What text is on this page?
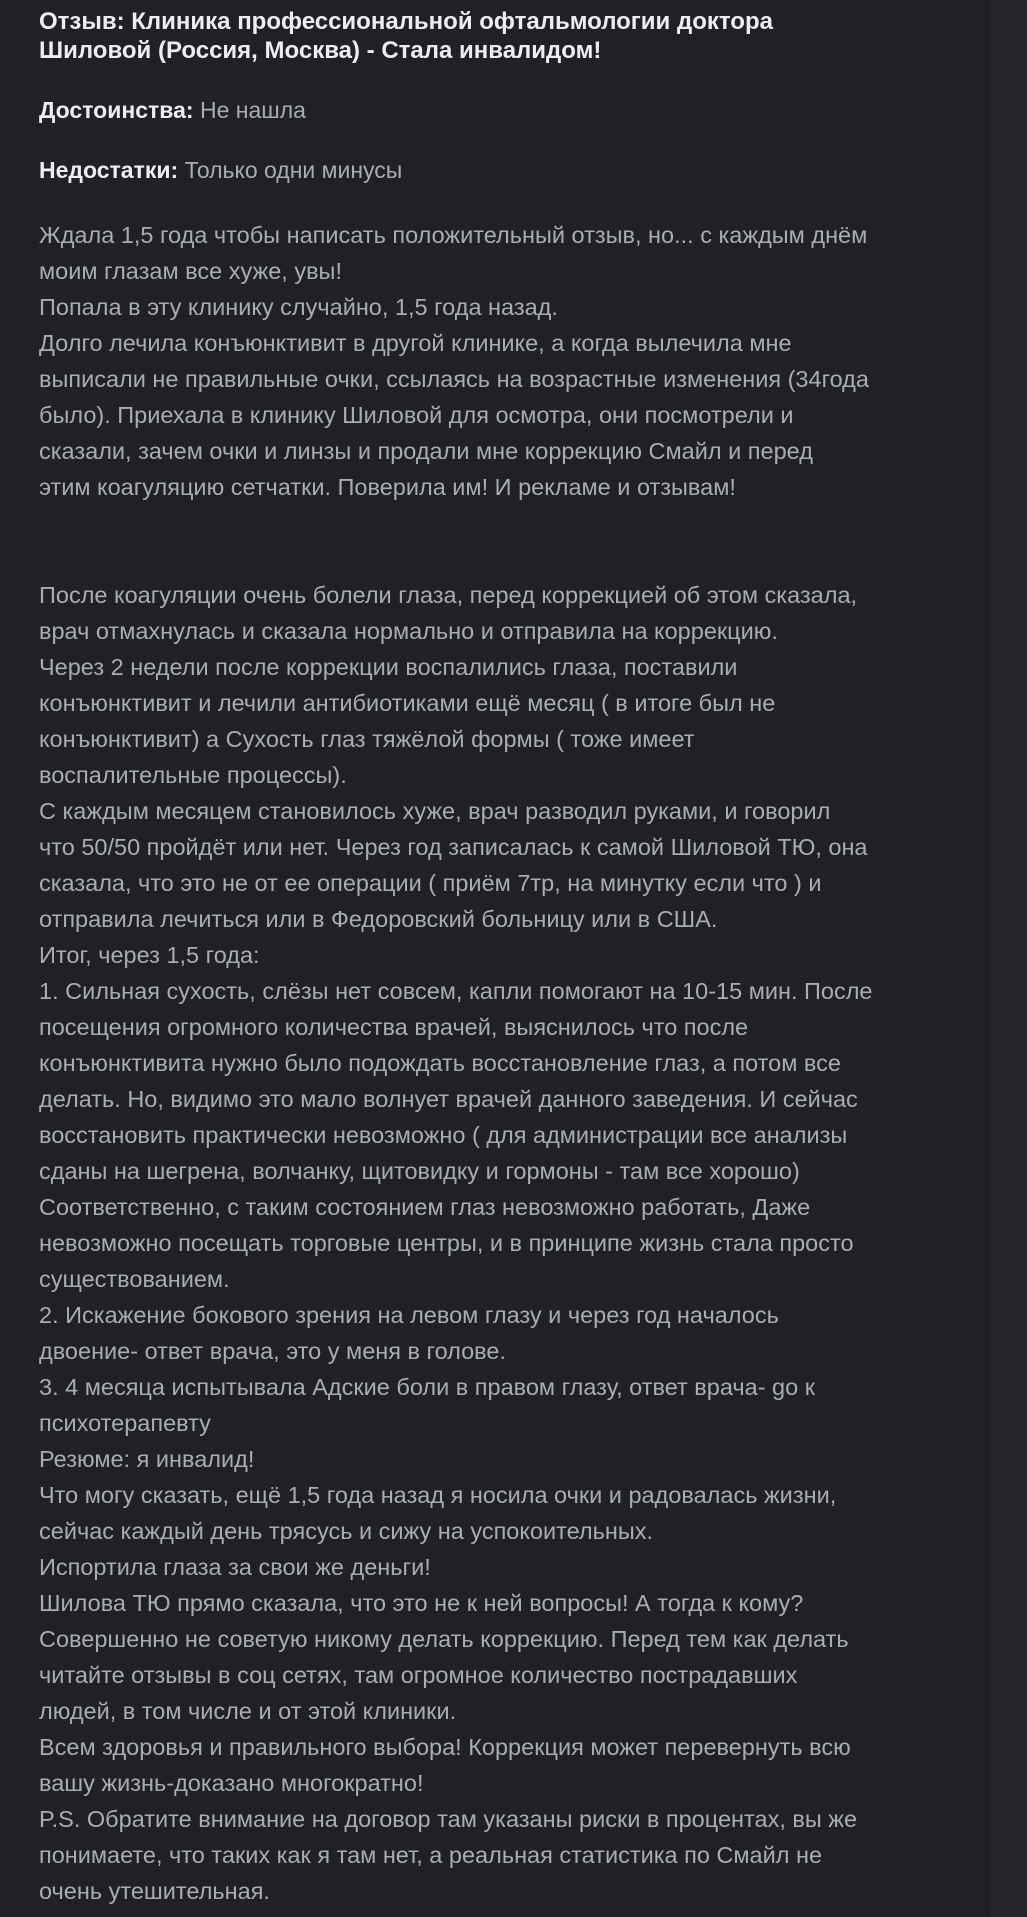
Отзыв: Клиника профессиональной офтальмологии доктора
Шиловой (Россия, Москва) - Стала инвалидом!

Достоинства: Не нашла

Недостатки: Только одни минусы

Ждала 1,5 года чтобы написать положительный отзыв, но... с каждым днём
моим глазам все хуже, увы!
Попала в эту клинику случайно, 1,5 года назад.
Долго лечила конъюнктивит в другой клинике, а когда вылечила мне
выписали не правильные очки, ссылаясь на возрастные изменения (34года
было). Приехала в клинику Шиловой для осмотра, они посмотрели и
сказали, зачем очки и линзы и продали мне коррекцию Смайл и перед
этим коагуляцию сетчатки. Поверила им! И рекламе и отзывам!

После коагуляции очень болели глаза, перед коррекцией об этом сказала,
врач отмахнулась и сказала нормально и отправила на коррекцию.
Через 2 недели после коррекции воспалились глаза, поставили
конъюнктивит и лечили антибиотиками ещё месяц ( в итоге был не
конъюнктивит) а Сухость глаз тяжёлой формы ( тоже имеет
воспалительные процессы).
С каждым месяцем становилось хуже, врач разводил руками, и говорил
что 50/50 пройдёт или нет. Через год записалась к самой Шиловой ТЮ, она
сказала, что это не от ее операции ( приём 7тр, на минутку если что ) и
отправила лечиться или в Федоровский больницу или в США.
Итог, через 1,5 года:
1. Сильная сухость, слёзы нет совсем, капли помогают на 10-15 мин. После
посещения огромного количества врачей, выяснилось что после
конъюнктивита нужно было подождать восстановление глаз, а потом все
делать. Но, видимо это мало волнует врачей данного заведения. И сейчас
восстановить практически невозможно ( для администрации все анализы
сданы на шегрена, волчанку, щитовидку и гормоны - там все хорошо)
Соответственно, с таким состоянием глаз невозможно работать, Даже
невозможно посещать торговые центры, и в принципе жизнь стала просто
существованием.
2. Искажение бокового зрения на левом глазу и через год началось
двоение- ответ врача, это у меня в голове.
3. 4 месяца испытывала Адские боли в правом глазу, ответ врача- go к
психотерапевту
Резюме: я инвалид!
Что могу сказать, ещё 1,5 года назад я носила очки и радовалась жизни,
сейчас каждый день трясусь и сижу на успокоительных.
Испортила глаза за свои же деньги!
Шилова ТЮ прямо сказала, что это не к ней вопросы! А тогда к кому?
Совершенно не советую никому делать коррекцию. Перед тем как делать
читайте отзывы в соц сетях, там огромное количество пострадавших
людей, в том числе и от этой клиники.
Всем здоровья и правильного выбора! Коррекция может перевернуть всю
вашу жизнь-доказано многократно!
P.S. Обратите внимание на договор там указаны риски в процентах, вы же
понимаете, что таких как я там нет, а реальная статистика по Смайл не
очень утешительная.
